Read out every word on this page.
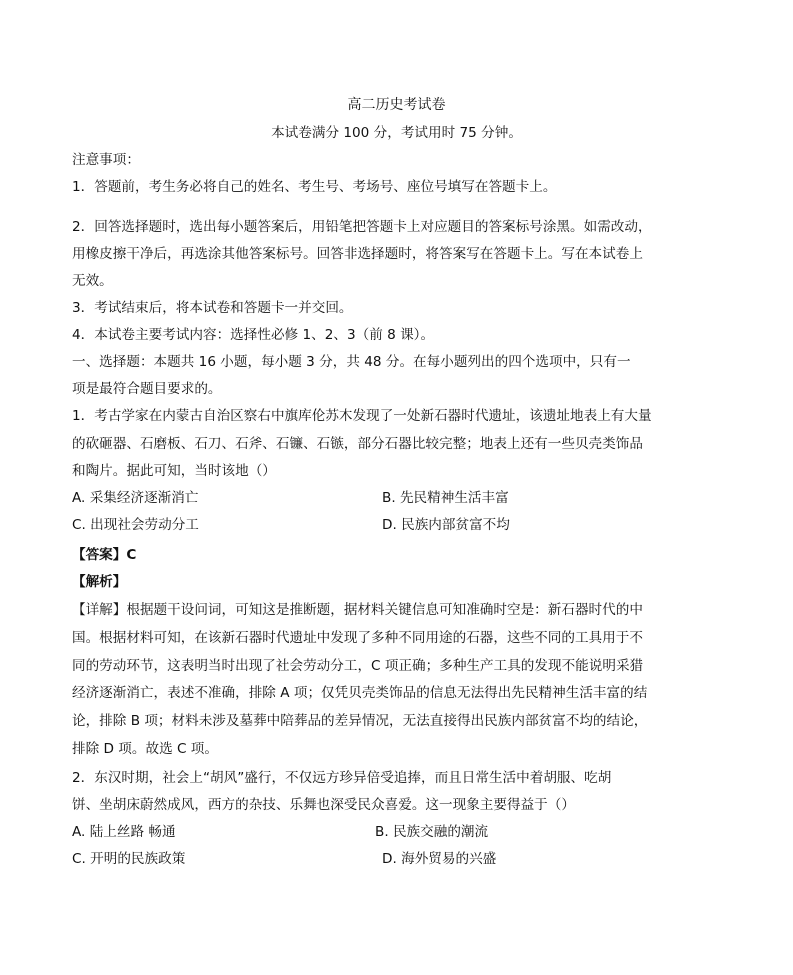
高二历史考试卷
本试卷满分 100 分，考试用时 75 分钟。
注意事项：
1．答题前，考生务必将自己的姓名、考生号、考场号、座位号填写在答题卡上。
2．回答选择题时，选出每小题答案后，用铅笔把答题卡上对应题目的答案标号涂黑。如需改动，
用橡皮擦干净后，再选涂其他答案标号。回答非选择题时，将答案写在答题卡上。写在本试卷上
无效。
3．考试结束后，将本试卷和答题卡一并交回。
4．本试卷主要考试内容：选择性必修 1、2、3（前 8 课）。
一、选择题：本题共 16 小题，每小题 3 分，共 48 分。在每小题列出的四个选项中，只有一
项是最符合题目要求的。
1．考古学家在内蒙古自治区察右中旗库伦苏木发现了一处新石器时代遗址，该遗址地表上有大量
的砍砸器、石磨板、石刀、石斧、石镰、石镞，部分石器比较完整；地表上还有一些贝壳类饰品
和陶片。据此可知，当时该地（）
A. 采集经济逐渐消亡	B. 先民精神生活丰富
C. 出现社会劳动分工	D. 民族内部贫富不均
【答案】C
【解析】
【详解】根据题干设问词，可知这是推断题，据材料关键信息可知准确时空是：新石器时代的中
国。根据材料可知，在该新石器时代遗址中发现了多种不同用途的石器，这些不同的工具用于不
同的劳动环节，这表明当时出现了社会劳动分工，C 项正确；多种生产工具的发现不能说明采猎
经济逐渐消亡，表述不准确，排除 A 项；仅凭贝壳类饰品的信息无法得出先民精神生活丰富的结
论，排除 B 项；材料未涉及墓葬中陪葬品的差异情况，无法直接得出民族内部贫富不均的结论，
排除 D 项。故选 C 项。
2．东汉时期，社会上“胡风”盛行，不仅远方珍异倍受追捧，而且日常生活中着胡服、吃胡
饼、坐胡床蔚然成风，西方的杂技、乐舞也深受民众喜爱。这一现象主要得益于（）
A. 陆上丝路 畅通	B. 民族交融的潮流
C. 开明的民族政策	D. 海外贸易的兴盛
